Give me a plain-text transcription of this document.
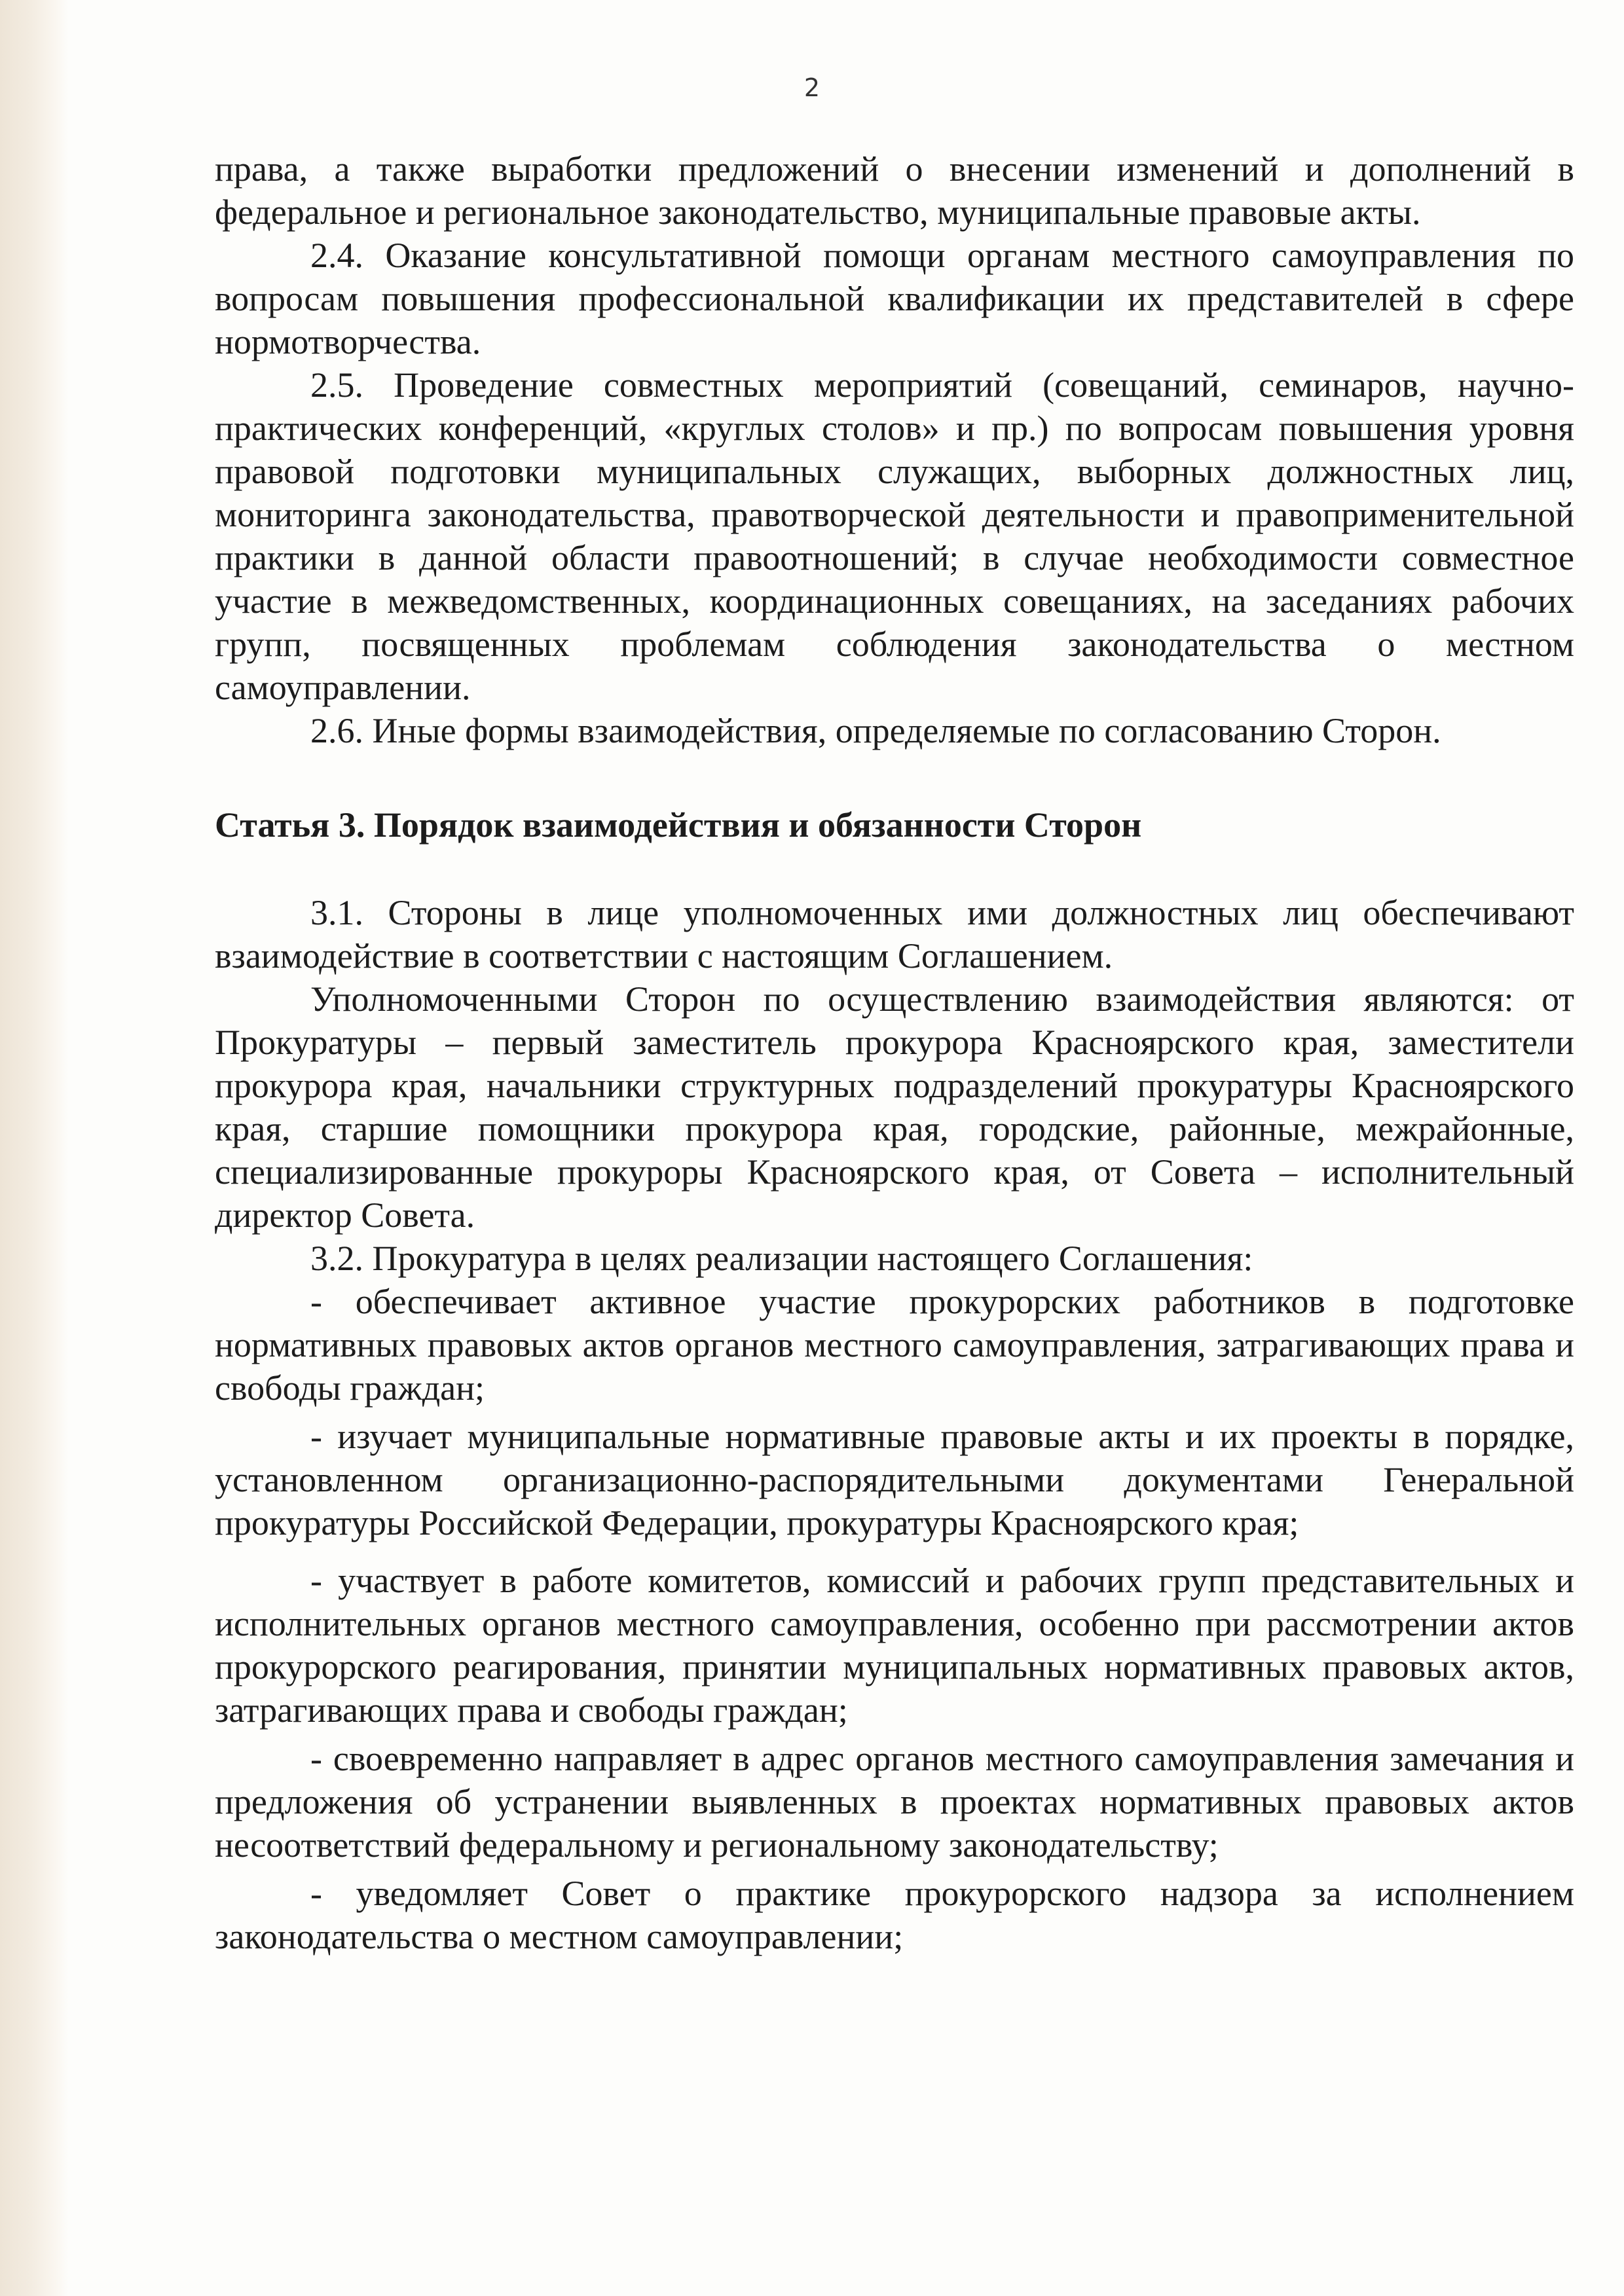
2

права, а также выработки предложений о внесении изменений и дополнений в федеральное и региональное законодательство, муниципальные правовые акты.

2.4. Оказание консультативной помощи органам местного самоуправления по вопросам повышения профессиональной квалификации их представителей в сфере нормотворчества.

2.5. Проведение совместных мероприятий (совещаний, семинаров, научно-практических конференций, «круглых столов» и пр.) по вопросам повышения уровня правовой подготовки муниципальных служащих, выборных должностных лиц, мониторинга законодательства, правотворческой деятельности и правоприменительной практики в данной области правоотношений; в случае необходимости совместное участие в межведомственных, координационных совещаниях, на заседаниях рабочих групп, посвященных проблемам соблюдения законодательства о местном самоуправлении.

2.6. Иные формы взаимодействия, определяемые по согласованию Сторон.

Статья 3. Порядок взаимодействия и обязанности Сторон

3.1. Стороны в лице уполномоченных ими должностных лиц обеспечивают взаимодействие в соответствии с настоящим Соглашением.

Уполномоченными Сторон по осуществлению взаимодействия являются: от Прокуратуры – первый заместитель прокурора Красноярского края, заместители прокурора края, начальники структурных подразделений прокуратуры Красноярского края, старшие помощники прокурора края, городские, районные, межрайонные, специализированные прокуроры Красноярского края, от Совета – исполнительный директор Совета.

3.2. Прокуратура в целях реализации настоящего Соглашения:

- обеспечивает активное участие прокурорских работников в подготовке нормативных правовых актов органов местного самоуправления, затрагивающих права и свободы граждан;

- изучает муниципальные нормативные правовые акты и их проекты в порядке, установленном организационно-распорядительными документами Генеральной прокуратуры Российской Федерации, прокуратуры Красноярского края;

- участвует в работе комитетов, комиссий и рабочих групп представительных и исполнительных органов местного самоуправления, особенно при рассмотрении актов прокурорского реагирования, принятии муниципальных нормативных правовых актов, затрагивающих права и свободы граждан;

- своевременно направляет в адрес органов местного самоуправления замечания и предложения об устранении выявленных в проектах нормативных правовых актов несоответствий федеральному и региональному законодательству;

- уведомляет Совет о практике прокурорского надзора за исполнением законодательства о местном самоуправлении;
